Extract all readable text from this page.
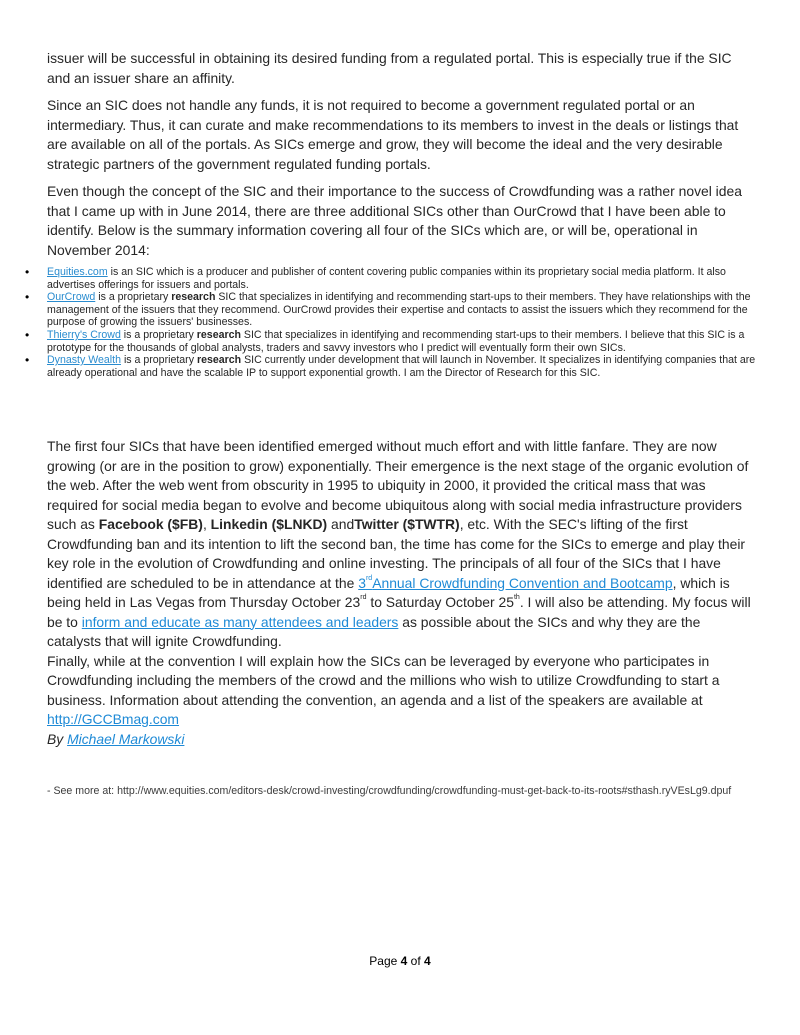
issuer will be successful in obtaining its desired funding from a regulated portal. This is especially true if the SIC and an issuer share an affinity.

Since an SIC does not handle any funds, it is not required to become a government regulated portal or an intermediary. Thus, it can curate and make recommendations to its members to invest in the deals or listings that are available on all of the portals. As SICs emerge and grow, they will become the ideal and the very desirable strategic partners of the government regulated funding portals.

Even though the concept of the SIC and their importance to the success of Crowdfunding was a rather novel idea that I came up with in June 2014, there are three additional SICs other than OurCrowd that I have been able to identify. Below is the summary information covering all four of the SICs which are, or will be, operational in November 2014:

• Equities.com is an SIC which is a producer and publisher of content covering public companies within its proprietary social media platform. It also advertises offerings for issuers and portals.
• OurCrowd is a proprietary research SIC that specializes in identifying and recommending start-ups to their members. They have relationships with the management of the issuers that they recommend. OurCrowd provides their expertise and contacts to assist the issuers which they recommend for the purpose of growing the issuers' businesses.
• Thierry's Crowd is a proprietary research SIC that specializes in identifying and recommending start-ups to their members. I believe that this SIC is a prototype for the thousands of global analysts, traders and savvy investors who I predict will eventually form their own SICs.
• Dynasty Wealth is a proprietary research SIC currently under development that will launch in November. It specializes in identifying companies that are already operational and have the scalable IP to support exponential growth. I am the Director of Research for this SIC.

The first four SICs that have been identified emerged without much effort and with little fanfare. They are now growing (or are in the position to grow) exponentially. Their emergence is the next stage of the organic evolution of the web. After the web went from obscurity in 1995 to ubiquity in 2000, it provided the critical mass that was required for social media began to evolve and become ubiquitous along with social media infrastructure providers such as Facebook ($FB), Linkedin ($LNKD) andTwitter ($TWTR), etc. With the SEC's lifting of the first Crowdfunding ban and its intention to lift the second ban, the time has come for the SICs to emerge and play their key role in the evolution of Crowdfunding and online investing. The principals of all four of the SICs that I have identified are scheduled to be in attendance at the 3rdAnnual Crowdfunding Convention and Bootcamp, which is being held in Las Vegas from Thursday October 23rd to Saturday October 25th. I will also be attending. My focus will be to inform and educate as many attendees and leaders as possible about the SICs and why they are the catalysts that will ignite Crowdfunding.

Finally, while at the convention I will explain how the SICs can be leveraged by everyone who participates in Crowdfunding including the members of the crowd and the millions who wish to utilize Crowdfunding to start a business. Information about attending the convention, an agenda and a list of the speakers are available at http://GCCBmag.com

By Michael Markowski

- See more at: http://www.equities.com/editors-desk/crowd-investing/crowdfunding/crowdfunding-must-get-back-to-its-roots#sthash.ryVEsLg9.dpuf
Page 4 of 4
